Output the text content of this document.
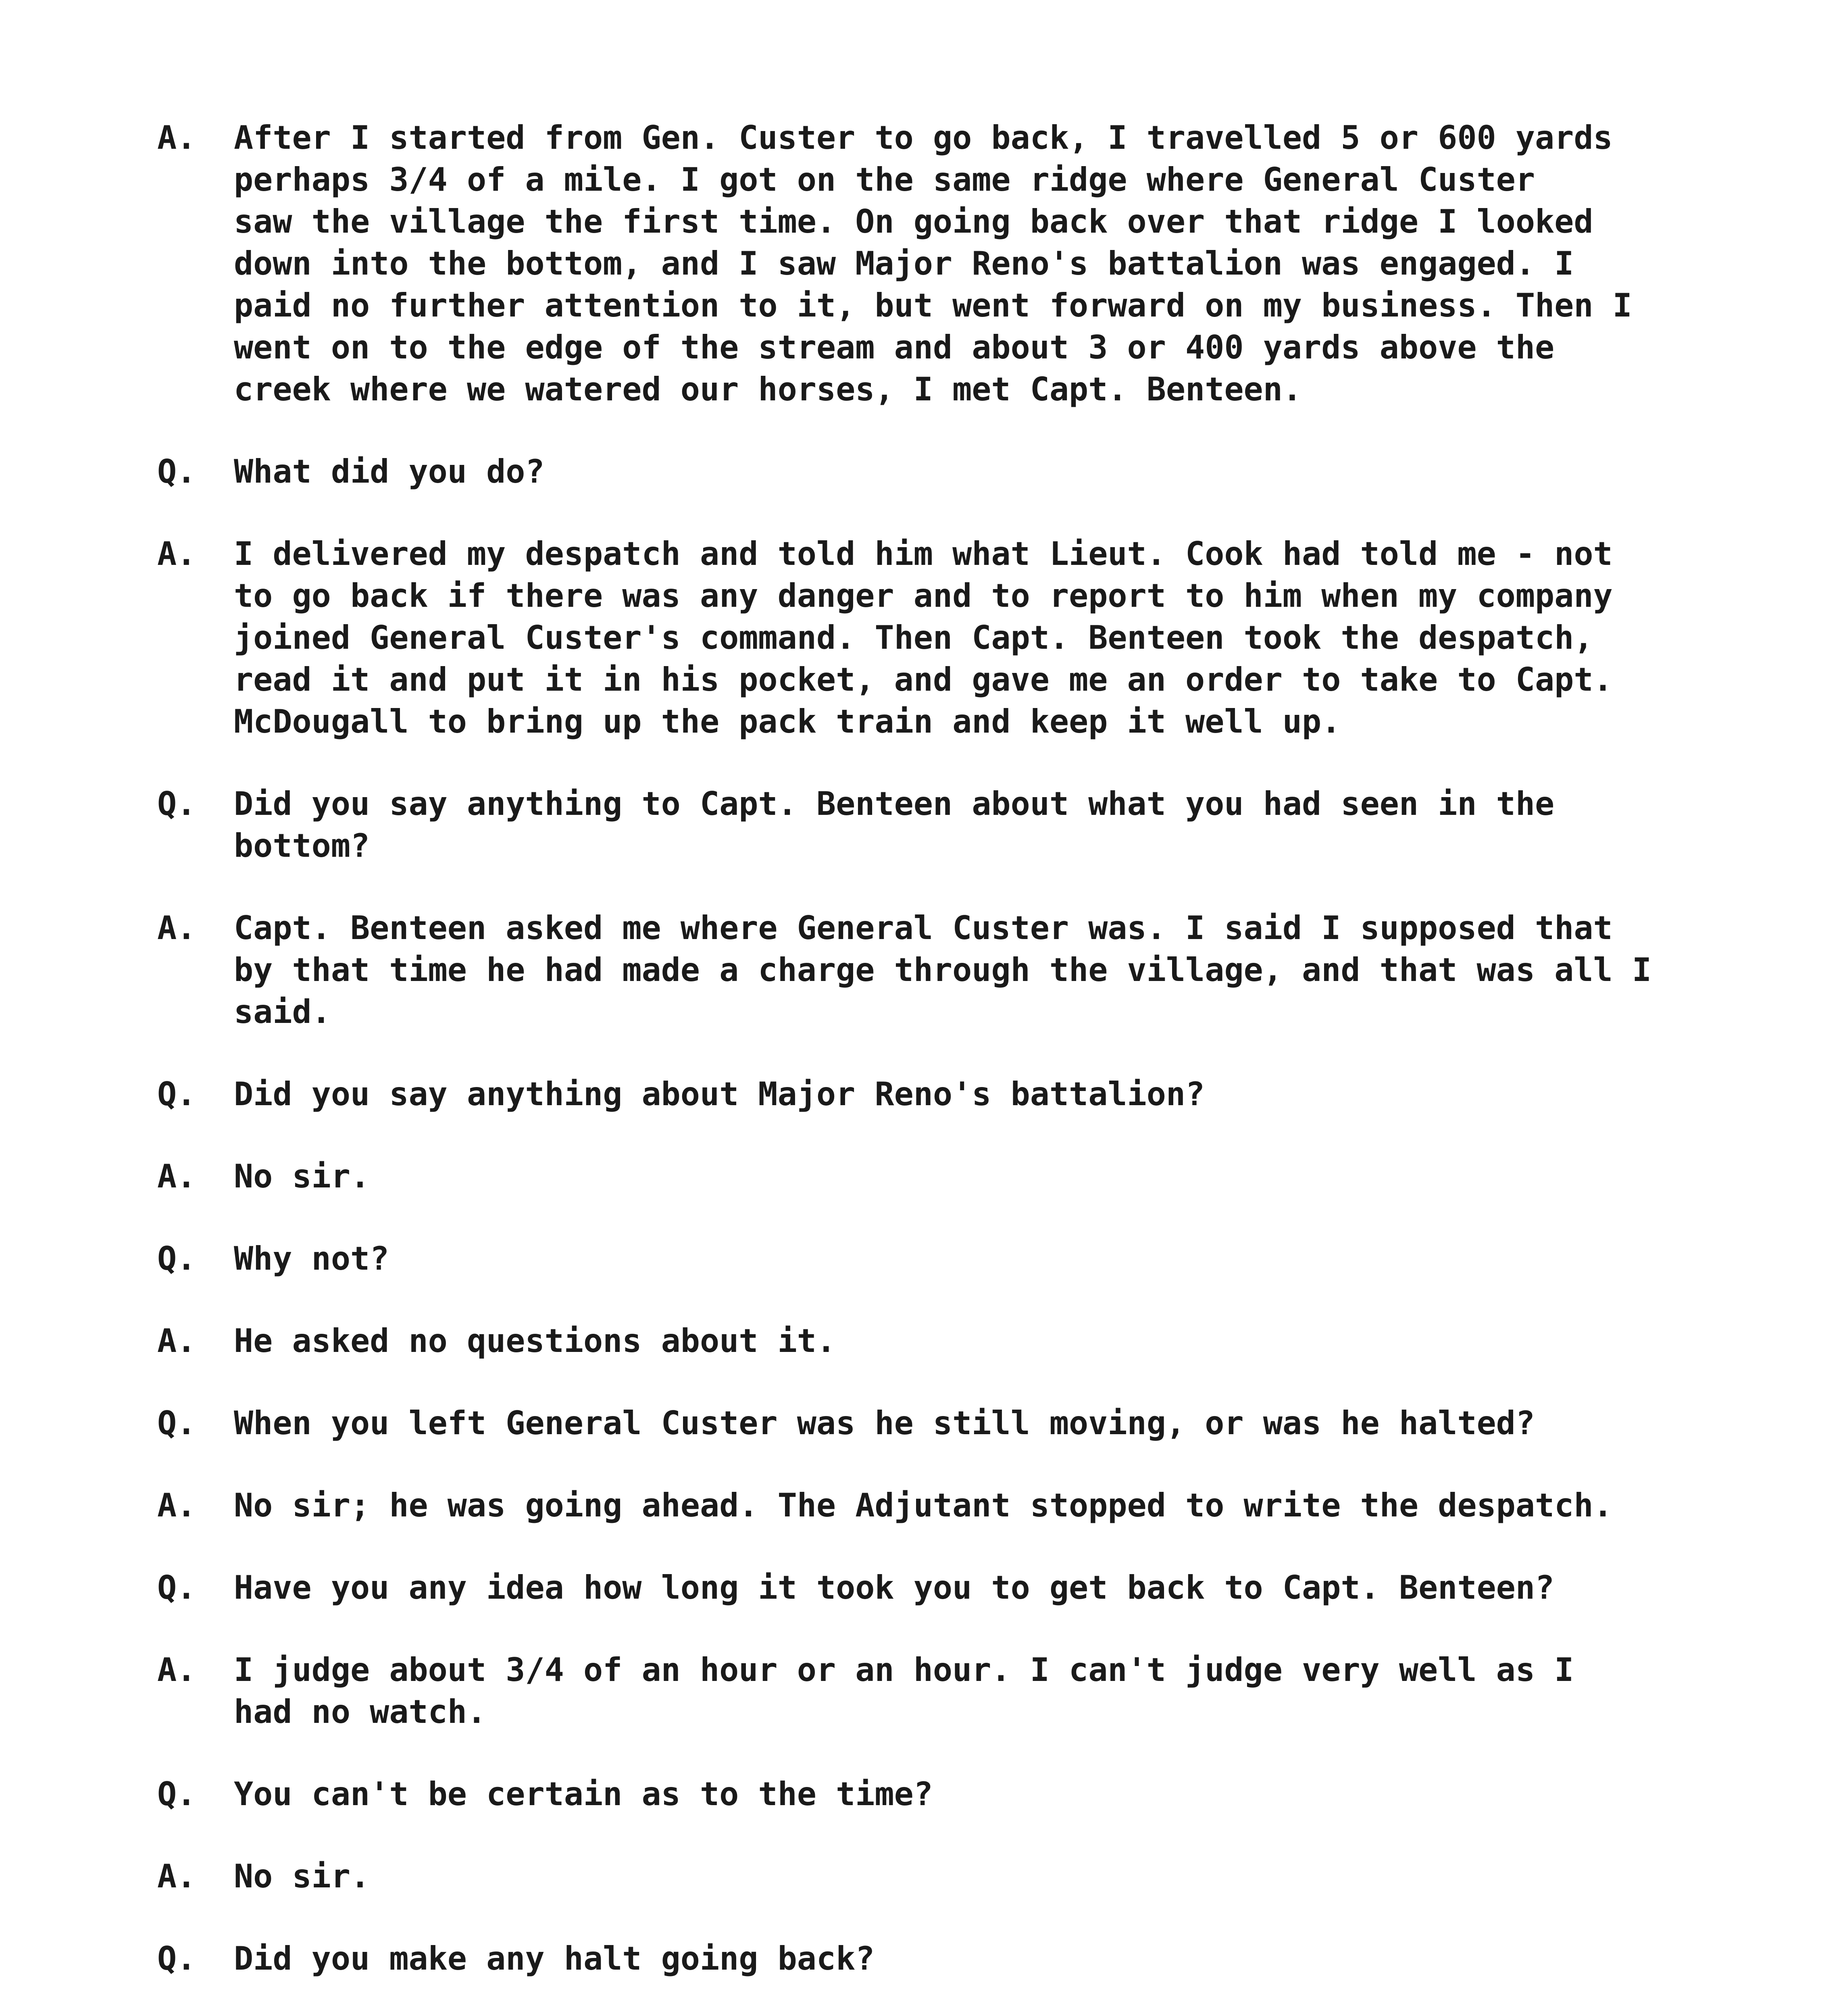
A.	After I started from Gen. Custer to go back, I travelled 5 or 600 yards
perhaps 3/4 of a mile. I got on the same ridge where General Custer
saw the village the first time. On going back over that ridge I looked
down into the bottom, and I saw Major Reno's battalion was engaged. I
paid no further attention to it, but went forward on my business. Then I
went on to the edge of the stream and about 3 or 400 yards above the
creek where we watered our horses, I met Capt. Benteen.
Q.	What did you do?
A.	I delivered my despatch and told him what Lieut. Cook had told me - not
to go back if there was any danger and to report to him when my company
joined General Custer's command. Then Capt. Benteen took the despatch,
read it and put it in his pocket, and gave me an order to take to Capt.
McDougall to bring up the pack train and keep it well up.
Q.	Did you say anything to Capt. Benteen about what you had seen in the
bottom?
A.	Capt. Benteen asked me where General Custer was. I said I supposed that
by that time he had made a charge through the village, and that was all I
said.
Q.	Did you say anything about Major Reno's battalion?
A.	No sir.
Q.	Why not?
A.	He asked no questions about it.
Q.	When you left General Custer was he still moving, or was he halted?
A.	No sir; he was going ahead. The Adjutant stopped to write the despatch.
Q.	Have you any idea how long it took you to get back to Capt. Benteen?
A.	I judge about 3/4 of an hour or an hour. I can't judge very well as I
had no watch.
Q.	You can't be certain as to the time?
A.	No sir.
Q.	Did you make any halt going back?
